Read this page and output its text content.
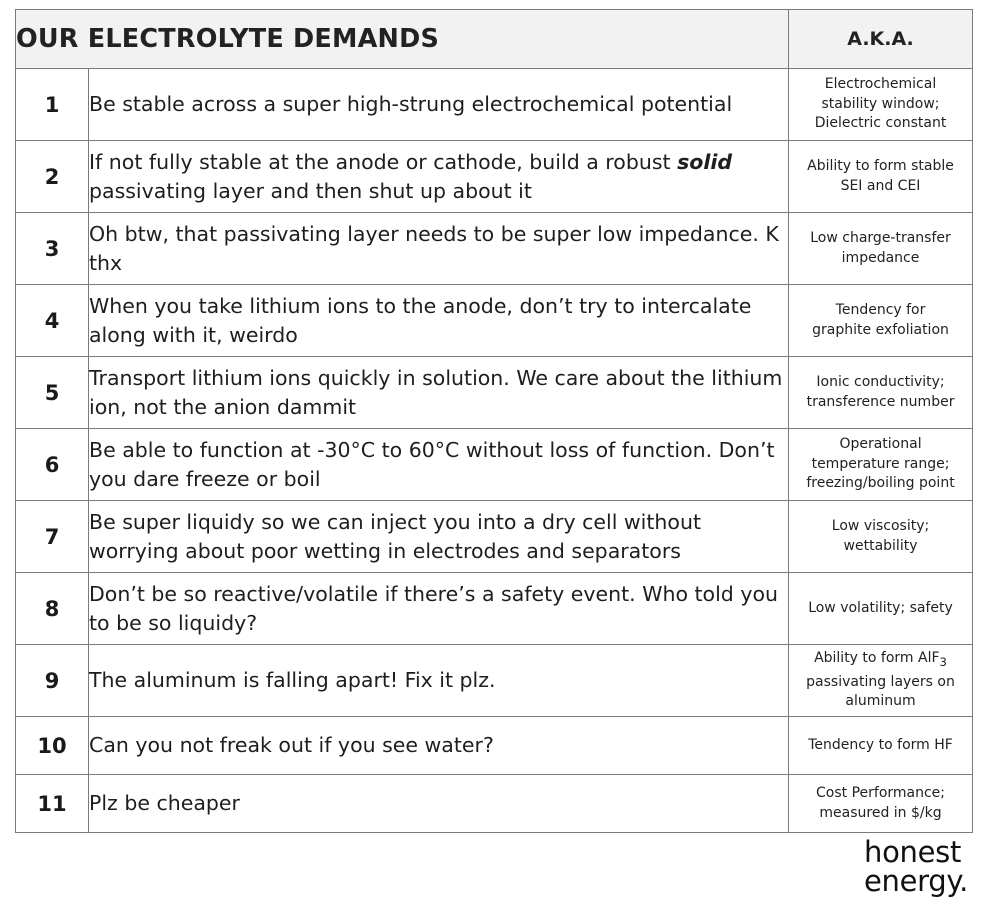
OUR ELECTROLYTE DEMANDS		A.K.A.
1	Be stable across a super high-strung electrochemical potential	Electrochemical
stability window;
Dielectric constant
2	If not fully stable at the anode or cathode, build a robust solid passivating layer and then shut up about it	Ability to form stable
SEI and CEI
3	Oh btw, that passivating layer needs to be super low impedance. K thx	Low charge-transfer
impedance
4	When you take lithium ions to the anode, don’t try to intercalate along with it, weirdo	Tendency for
graphite exfoliation
5	Transport lithium ions quickly in solution. We care about the lithium ion, not the anion dammit	Ionic conductivity;
transference number
6	Be able to function at -30°C to 60°C without loss of function. Don’t you dare freeze or boil	Operational
temperature range;
freezing/boiling point
7	Be super liquidy so we can inject you into a dry cell without worrying about poor wetting in electrodes and separators	Low viscosity;
wettability
8	Don’t be so reactive/volatile if there’s a safety event. Who told you to be so liquidy?	Low volatility; safety
9	The aluminum is falling apart! Fix it plz.	Ability to form AlF$_3$
passivating layers on
aluminum
10	Can you not freak out if you see water?	Tendency to form HF
11	Plz be cheaper	Cost Performance;
measured in $/kg
honest
energy.
